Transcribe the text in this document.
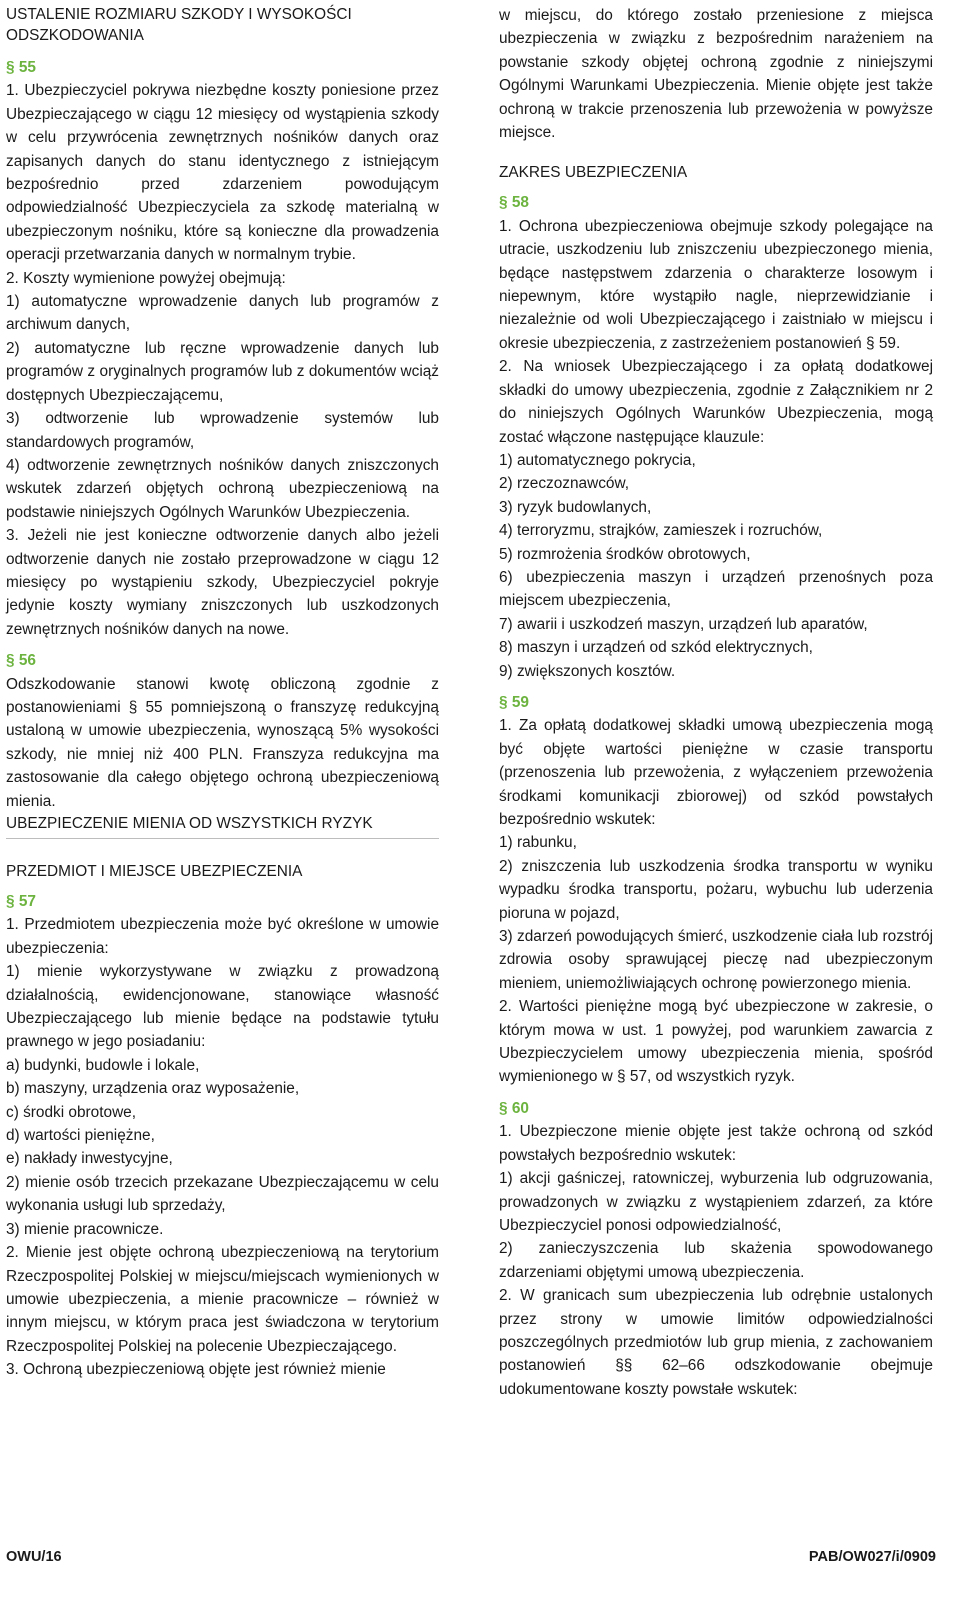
USTALENIE ROZMIARU SZKODY I WYSOKOŚCI ODSZKODOWANIA

§ 55

1. Ubezpieczyciel pokrywa niezbędne koszty poniesione przez Ubezpieczającego w ciągu 12 miesięcy od wystąpienia szkody w celu przywrócenia zewnętrznych nośników danych oraz zapisanych danych do stanu identycznego z istniejącym bezpośrednio przed zdarzeniem powodującym odpowiedzialność Ubezpieczyciela za szkodę materialną w ubezpieczonym nośniku, które są konieczne dla prowadzenia operacji przetwarzania danych w normalnym trybie.

2. Koszty wymienione powyżej obejmują:

1) automatyczne wprowadzenie danych lub programów z archiwum danych,

2) automatyczne lub ręczne wprowadzenie danych lub programów z oryginalnych programów lub z dokumentów wciąż dostępnych Ubezpieczającemu,

3) odtworzenie lub wprowadzenie systemów lub standardowych programów,

4) odtworzenie zewnętrznych nośników danych zniszczonych wskutek zdarzeń objętych ochroną ubezpieczeniową na podstawie niniejszych Ogólnych Warunków Ubezpieczenia.

3. Jeżeli nie jest konieczne odtworzenie danych albo jeżeli odtworzenie danych nie zostało przeprowadzone w ciągu 12 miesięcy po wystąpieniu szkody, Ubezpieczyciel pokryje jedynie koszty wymiany zniszczonych lub uszkodzonych zewnętrznych nośników danych na nowe.

§ 56

Odszkodowanie stanowi kwotę obliczoną zgodnie z postanowieniami § 55 pomniejszoną o franszyzę redukcyjną ustaloną w umowie ubezpieczenia, wynoszącą 5% wysokości szkody, nie mniej niż 400 PLN. Franszyza redukcyjna ma zastosowanie dla całego objętego ochroną ubezpieczeniową mienia.

UBEZPIECZENIE MIENIA OD WSZYSTKICH RYZYK

PRZEDMIOT I MIEJSCE UBEZPIECZENIA

§ 57

1. Przedmiotem ubezpieczenia może być określone w umowie ubezpieczenia:

1) mienie wykorzystywane w związku z prowadzoną działalnością, ewidencjonowane, stanowiące własność Ubezpieczającego lub mienie będące na podstawie tytułu prawnego w jego posiadaniu:

a) budynki, budowle i lokale,

b) maszyny, urządzenia oraz wyposażenie,

c) środki obrotowe,

d) wartości pieniężne,

e) nakłady inwestycyjne,

2) mienie osób trzecich przekazane Ubezpieczającemu w celu wykonania usługi lub sprzedaży,

3) mienie pracownicze.

2. Mienie jest objęte ochroną ubezpieczeniową na terytorium Rzeczpospolitej Polskiej w miejscu/miejscach wymienionych w umowie ubezpieczenia, a mienie pracownicze – również w innym miejscu, w którym praca jest świadczona w terytorium Rzeczpospolitej Polskiej na polecenie Ubezpieczającego.

3. Ochroną ubezpieczeniową objęte jest również mienie

w miejscu, do którego zostało przeniesione z miejsca ubezpieczenia w związku z bezpośrednim narażeniem na powstanie szkody objętej ochroną zgodnie z niniejszymi Ogólnymi Warunkami Ubezpieczenia. Mienie objęte jest także ochroną w trakcie przenoszenia lub przewożenia w powyższe miejsce.

ZAKRES UBEZPIECZENIA

§ 58

1. Ochrona ubezpieczeniowa obejmuje szkody polegające na utracie, uszkodzeniu lub zniszczeniu ubezpieczonego mienia, będące następstwem zdarzenia o charakterze losowym i niepewnym, które wystąpiło nagle, nieprzewidzianie i niezależnie od woli Ubezpieczającego i zaistniało w miejscu i okresie ubezpieczenia, z zastrzeżeniem postanowień § 59.

2. Na wniosek Ubezpieczającego i za opłatą dodatkowej składki do umowy ubezpieczenia, zgodnie z Załącznikiem nr 2 do niniejszych Ogólnych Warunków Ubezpieczenia, mogą zostać włączone następujące klauzule:

1) automatycznego pokrycia,

2) rzeczoznawców,

3) ryzyk budowlanych,

4) terroryzmu, strajków, zamieszek i rozruchów,

5) rozmrożenia środków obrotowych,

6) ubezpieczenia maszyn i urządzeń przenośnych poza miejscem ubezpieczenia,

7) awarii i uszkodzeń maszyn, urządzeń lub aparatów,

8) maszyn i urządzeń od szkód elektrycznych,

9) zwiększonych kosztów.

§ 59

1. Za opłatą dodatkowej składki umową ubezpieczenia mogą być objęte wartości pieniężne w czasie transportu (przenoszenia lub przewożenia, z wyłączeniem przewożenia środkami komunikacji zbiorowej) od szkód powstałych bezpośrednio wskutek:

1) rabunku,

2) zniszczenia lub uszkodzenia środka transportu w wyniku wypadku środka transportu, pożaru, wybuchu lub uderzenia pioruna w pojazd,

3) zdarzeń powodujących śmierć, uszkodzenie ciała lub rozstrój zdrowia osoby sprawującej pieczę nad ubezpieczonym mieniem, uniemożliwiających ochronę powierzonego mienia.

2. Wartości pieniężne mogą być ubezpieczone w zakresie, o którym mowa w ust. 1 powyżej, pod warunkiem zawarcia z Ubezpieczycielem umowy ubezpieczenia mienia, spośród wymienionego w § 57, od wszystkich ryzyk.

§ 60

1. Ubezpieczone mienie objęte jest także ochroną od szkód powstałych bezpośrednio wskutek:

1) akcji gaśniczej, ratowniczej, wyburzenia lub odgruzowania, prowadzonych w związku z wystąpieniem zdarzeń, za które Ubezpieczyciel ponosi odpowiedzialność,

2) zanieczyszczenia lub skażenia spowodowanego zdarzeniami objętymi umową ubezpieczenia.

2. W granicach sum ubezpieczenia lub odrębnie ustalonych przez strony w umowie limitów odpowiedzialności poszczególnych przedmiotów lub grup mienia, z zachowaniem postanowień §§ 62–66 odszkodowanie obejmuje udokumentowane koszty powstałe wskutek:

OWU/16	PAB/OW027/i/0909
